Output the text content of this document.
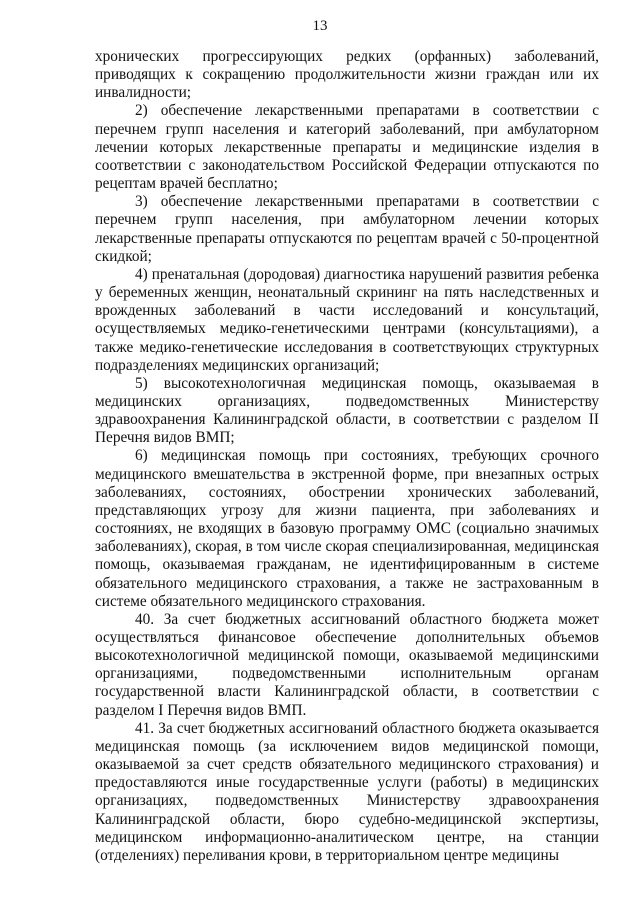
13

хронических прогрессирующих редких (орфанных) заболеваний, приводящих к сокращению продолжительности жизни граждан или их инвалидности;

2) обеспечение лекарственными препаратами в соответствии с перечнем групп населения и категорий заболеваний, при амбулаторном лечении которых лекарственные препараты и медицинские изделия в соответствии с законодательством Российской Федерации отпускаются по рецептам врачей бесплатно;

3) обеспечение лекарственными препаратами в соответствии с перечнем групп населения, при амбулаторном лечении которых лекарственные препараты отпускаются по рецептам врачей с 50-процентной скидкой;

4) пренатальная (дородовая) диагностика нарушений развития ребенка у беременных женщин, неонатальный скрининг на пять наследственных и врожденных заболеваний в части исследований и консультаций, осуществляемых медико-генетическими центрами (консультациями), а также медико-генетические исследования в соответствующих структурных подразделениях медицинских организаций;

5) высокотехнологичная медицинская помощь, оказываемая в медицинских организациях, подведомственных Министерству здравоохранения Калининградской области, в соответствии с разделом II Перечня видов ВМП;

6) медицинская помощь при состояниях, требующих срочного медицинского вмешательства в экстренной форме, при внезапных острых заболеваниях, состояниях, обострении хронических заболеваний, представляющих угрозу для жизни пациента, при заболеваниях и состояниях, не входящих в базовую программу ОМС (социально значимых заболеваниях), скорая, в том числе скорая специализированная, медицинская помощь, оказываемая гражданам, не идентифицированным в системе обязательного медицинского страхования, а также не застрахованным в системе обязательного медицинского страхования.

40. За счет бюджетных ассигнований областного бюджета может осуществляться финансовое обеспечение дополнительных объемов высокотехнологичной медицинской помощи, оказываемой медицинскими организациями, подведомственными исполнительным органам государственной власти Калининградской области, в соответствии с разделом I Перечня видов ВМП.

41. За счет бюджетных ассигнований областного бюджета оказывается медицинская помощь (за исключением видов медицинской помощи, оказываемой за счет средств обязательного медицинского страхования) и предоставляются иные государственные услуги (работы) в медицинских организациях, подведомственных Министерству здравоохранения Калининградской области, бюро судебно-медицинской экспертизы, медицинском информационно-аналитическом центре, на станции (отделениях) переливания крови, в территориальном центре медицины
